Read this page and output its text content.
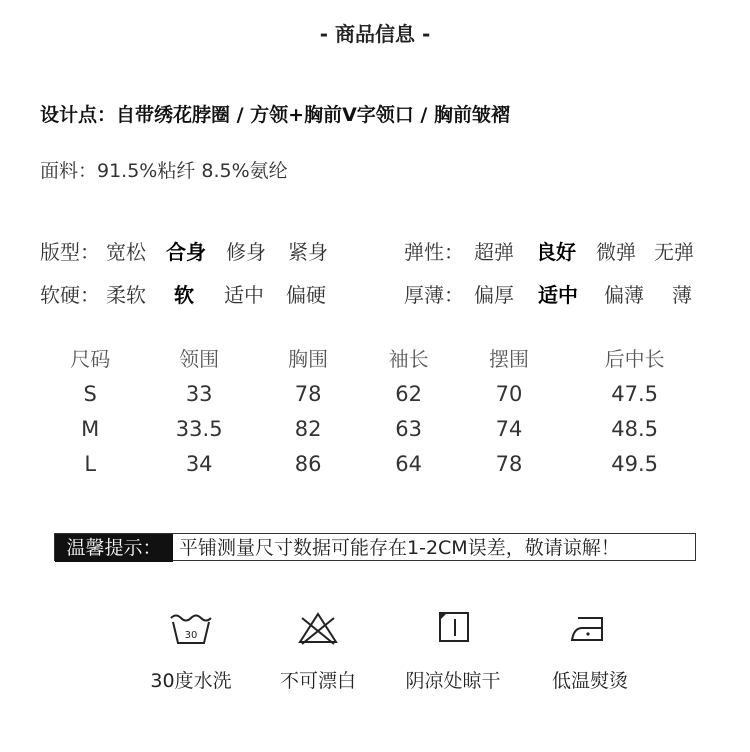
- 商品信息 -
设计点：自带绣花脖圈 / 方领+胸前V字领口 / 胸前皱褶
面料：91.5%粘纤 8.5%氨纶
版型： 宽松 合身 修身 紧身	弹性： 超弹 良好 微弹 无弹
软硬： 柔软 软 适中 偏硬	厚薄： 偏厚 适中 偏薄 薄
尺码	领围	胸围	袖长	摆围	后中长
S	33	78	62	70	47.5
M	33.5	82	63	74	48.5
L	34	86	64	78	49.5
温馨提示： 平铺测量尺寸数据可能存在1-2CM误差，敬请谅解！
30
30度水洗	不可漂白	阴凉处晾干	低温熨烫
